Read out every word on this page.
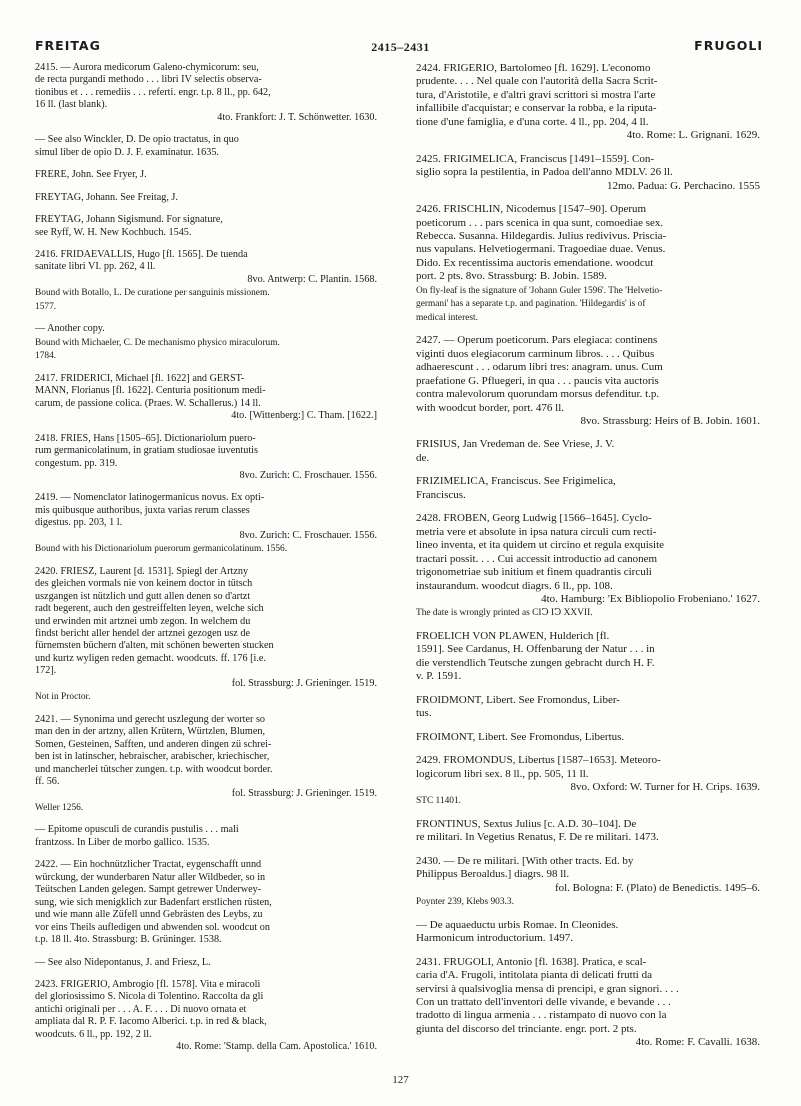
FREITAG	2415–2431	FRUGOLI
2415. — Aurora medicorum Galeno-chymicorum: seu,
de recta purgandi methodo . . . libri IV selectis observa-
tionibus et . . . remediis . . . referti. engr. t.p. 8 ll., pp. 642,
16 ll. (last blank).
4to. Frankfort: J. T. Schönwetter. 1630.
— See also Winckler, D. De opio tractatus, in quo
simul liber de opio D. J. F. examinatur. 1635.
FRERE, John. See Fryer, J.
FREYTAG, Johann. See Freitag, J.
FREYTAG, Johann Sigismund. For signature,
see Ryff, W. H. New Kochbuch. 1545.
2416. FRIDAEVALLIS, Hugo [fl. 1565]. De tuenda
sanitate libri VI. pp. 262, 4 ll.
8vo. Antwerp: C. Plantin. 1568.
Bound with Botallo, L. De curatione per sanguinis missionem.
1577.
— Another copy.
Bound with Michaeler, C. De mechanismo physico miraculorum.
1784.
2417. FRIDERICI, Michael [fl. 1622] and GERST-
MANN, Florianus [fl. 1622]. Centuria positionum medi-
carum, de passione colica. (Praes. W. Schallerus.) 14 ll.
4to. [Wittenberg:] C. Tham. [1622.]
2418. FRIES, Hans [1505–65]. Dictionariolum puero-
rum germanicolatinum, in gratiam studiosae iuventutis
congestum. pp. 319.
8vo. Zurich: C. Froschauer. 1556.
2419. — Nomenclator latinogermanicus novus. Ex opti-
mis quibusque authoribus, juxta varias rerum classes
digestus. pp. 203, 1 l.
8vo. Zurich: C. Froschauer. 1556.
Bound with his Dictionariolum puerorum germanicolatinum. 1556.
2420. FRIESZ, Laurent [d. 1531]. Spiegl der Artzny
des gleichen vormals nie von keinem doctor in tütsch
uszgangen ist nützlich und gutt allen denen so d'artzt
radt begerent, auch den gestreiffelten leyen, welche sich
und erwinden mit artznei umb zegon. In welchem du
findst bericht aller hendel der artznei gezogen usz de
fürnemsten büchern d'alten, mit schönen bewerten stucken
und kurtz wyligen reden gemacht. woodcuts. ff. 176 [i.e.
172].
fol. Strassburg: J. Grieninger. 1519.
Not in Proctor.
2421. — Synonima und gerecht uszlegung der worter so
man den in der artzny, allen Krütern, Würtzlen, Blumen,
Somen, Gesteinen, Safften, und anderen dingen zü schrei-
ben ist in latinscher, hebraischer, arabischer, kriechischer,
und mancherlei tütscher zungen. t.p. with woodcut border.
ff. 56.
fol. Strassburg: J. Grieninger. 1519.
Weller 1256.
— Epitome opusculi de curandis pustulis . . . mali
frantzoss. In Liber de morbo gallico. 1535.
2422. — Ein hochnützlicher Tractat, eygenschafft unnd
würckung, der wunderbaren Natur aller Wildbeder, so in
Teütschen Landen gelegen. Sampt getrewer Underwey-
sung, wie sich menigklich zur Badenfart erstlichen rüsten,
und wie mann alle Züfell unnd Gebrästen des Leybs, zu
vor eins Theils aufledigen und abwenden sol. woodcut on
t.p. 18 ll. 4to. Strassburg: B. Grüninger. 1538.
— See also Nidepontanus, J. and Friesz, L.
2423. FRIGERIO, Ambrogio [fl. 1578]. Vita e miracoli
del gloriosissimo S. Nicola di Tolentino. Raccolta da gli
antichi originali per . . . A. F. . . . Di nuovo ornata et
ampliata dal R. P. F. Iacomo Alberici. t.p. in red & black,
woodcuts. 6 ll., pp. 192, 2 ll.
4to. Rome: 'Stamp. della Cam. Apostolica.' 1610.
2424. FRIGERIO, Bartolomeo [fl. 1629]. L'economo
prudente. . . . Nel quale con l'autorità della Sacra Scrit-
tura, d'Aristotile, e d'altri gravi scrittori si mostra l'arte
infallibile d'acquistar; e conservar la robba, e la riputa-
tione d'une famiglia, e d'una corte. 4 ll., pp. 204, 4 ll.
4to. Rome: L. Grignani. 1629.
2425. FRIGIMELICA, Franciscus [1491–1559]. Con-
siglio sopra la pestilentia, in Padoa dell'anno MDLV. 26 ll.
12mo. Padua: G. Perchacino. 1555
2426. FRISCHLIN, Nicodemus [1547–90]. Operum
poeticorum . . . pars scenica in qua sunt, comoediae sex.
Rebecca. Susanna. Hildegardis. Julius redivivus. Priscia-
nus vapulans. Helvetiogermani. Tragoediae duae. Venus.
Dido. Ex recentissima auctoris emendatione. woodcut
port. 2 pts. 8vo. Strassburg: B. Jobin. 1589.
On fly-leaf is the signature of 'Johann Guler 1596'. The 'Helvetio-
germani' has a separate t.p. and pagination. 'Hildegardis' is of
medical interest.
2427. — Operum poeticorum. Pars elegiaca: continens
viginti duos elegiacorum carminum libros. . . . Quibus
adhaerescunt . . . odarum libri tres: anagram. unus. Cum
praefatione G. Pfluegeri, in qua . . . paucis vita auctoris
contra malevolorum quorundam morsus defenditur. t.p.
with woodcut border, port. 476 ll.
8vo. Strassburg: Heirs of B. Jobin. 1601.
FRISIUS, Jan Vredeman de. See Vriese, J. V.
de.
FRIZIMELICA, Franciscus. See Frigimelica,
Franciscus.
2428. FROBEN, Georg Ludwig [1566–1645]. Cyclo-
metria vere et absolute in ipsa natura circuli cum recti-
lineo inventa, et ita quidem ut circino et regula exquisite
tractari possit. . . . Cui accessit introductio ad canonem
trigonometriae sub initium et finem quadrantis circuli
instaurandum. woodcut diagrs. 6 ll., pp. 108.
4to. Hamburg: 'Ex Bibliopolio Frobeniano.' 1627.
The date is wrongly printed as CIↃ IↃ XXVII.
FROELICH VON PLAWEN, Hulderich [fl.
1591]. See Cardanus, H. Offenbarung der Natur . . . in
die verstendlich Teutsche zungen gebracht durch H. F.
v. P. 1591.
FROIDMONT, Libert. See Fromondus, Liber-
tus.
FROIMONT, Libert. See Fromondus, Libertus.
2429. FROMONDUS, Libertus [1587–1653]. Meteoro-
logicorum libri sex. 8 ll., pp. 505, 11 ll.
8vo. Oxford: W. Turner for H. Crips. 1639.
STC 11401.
FRONTINUS, Sextus Julius [c. A.D. 30–104]. De
re militari. In Vegetius Renatus, F. De re militari. 1473.
2430. — De re militari. [With other tracts. Ed. by
Philippus Beroaldus.] diagrs. 98 ll.
fol. Bologna: F. (Plato) de Benedictis. 1495–6.
Poynter 239, Klebs 903.3.
— De aquaeductu urbis Romae. In Cleonides.
Harmonicum introductorium. 1497.
2431. FRUGOLI, Antonio [fl. 1638]. Pratica, e scal-
caria d'A. Frugoli, intitolata pianta di delicati frutti da
servirsi à qualsivoglia mensa di prencipi, e gran signori. . . .
Con un trattato dell'inventori delle vivande, e bevande . . .
tradotto di lingua armenia . . . ristampato di nuovo con la
giunta del discorso del trinciante. engr. port. 2 pts.
4to. Rome: F. Cavalli. 1638.
127
